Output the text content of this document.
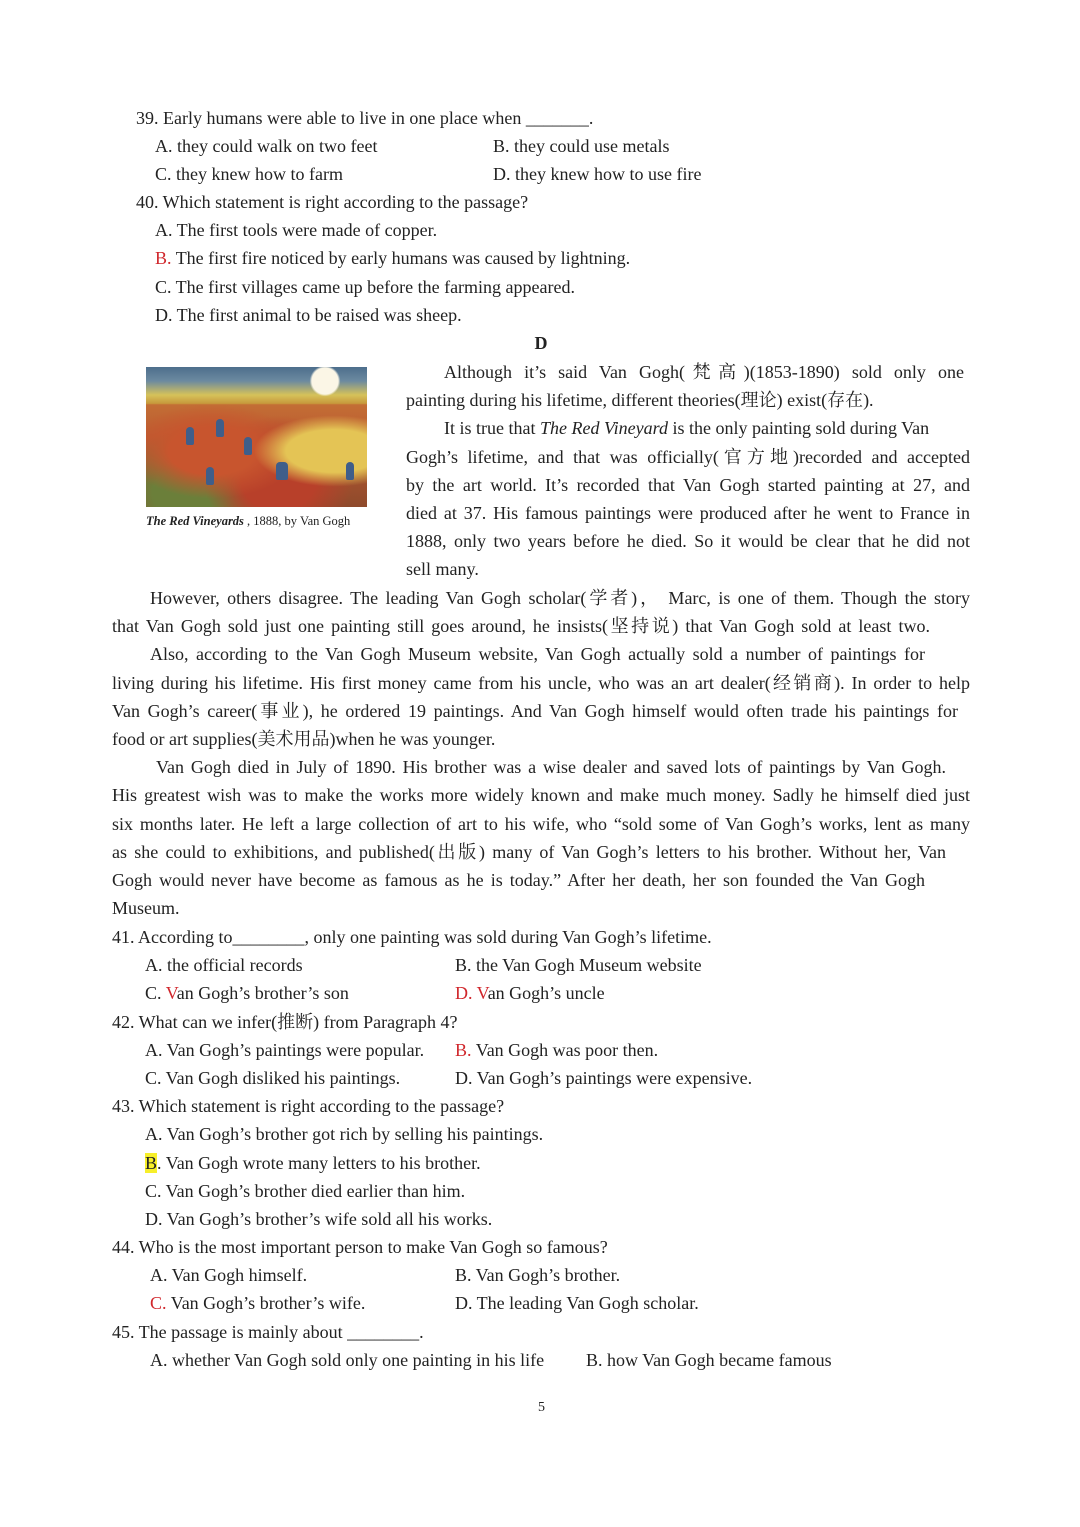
39. Early humans were able to live in one place when _______.
A. they could walk on two feet	B. they could use metals
C. they knew how to farm	D. they knew how to use fire
40. Which statement is right according to the passage?
A. The first tools were made of copper.
B. The first fire noticed by early humans was caused by lightning.
C. The first villages came up before the farming appeared.
D. The first animal to be raised was sheep.
D
The Red Vineyards , 1888, by Van Gogh
Although it’s said Van Gogh(梵高)(1853-1890) sold only one
painting during his lifetime, different theories(理论) exist(存在).
It is true that The Red Vineyard is the only painting sold during Van
Gogh’s lifetime, and that was officially(官方地)recorded and accepted
by the art world. It’s recorded that Van Gogh started painting at 27, and
died at 37. His famous paintings were produced after he went to France in
1888, only two years before he died. So it would be clear that he did not
sell many.
However, others disagree. The leading Van Gogh scholar(学者)， Marc, is one of them. Though the story
that Van Gogh sold just one painting still goes around, he insists(坚持说) that Van Gogh sold at least two.
Also, according to the Van Gogh Museum website, Van Gogh actually sold a number of paintings for
living during his lifetime. His first money came from his uncle, who was an art dealer(经销商). In order to help
Van Gogh’s career(事业), he ordered 19 paintings. And Van Gogh himself would often trade his paintings for
food or art supplies(美术用品)when he was younger.
Van Gogh died in July of 1890. His brother was a wise dealer and saved lots of paintings by Van Gogh.
His greatest wish was to make the works more widely known and make much money. Sadly he himself died just
six months later. He left a large collection of art to his wife, who “sold some of Van Gogh’s works, lent as many
as she could to exhibitions, and published(出版) many of Van Gogh’s letters to his brother. Without her, Van
Gogh would never have become as famous as he is today.” After her death, her son founded the Van Gogh
Museum.
41. According to________, only one painting was sold during Van Gogh’s lifetime.
A. the official records	B. the Van Gogh Museum website
C. Van Gogh’s brother’s son	D. Van Gogh’s uncle
42. What can we infer(推断) from Paragraph 4?
A. Van Gogh’s paintings were popular.	B. Van Gogh was poor then.
C. Van Gogh disliked his paintings.	D. Van Gogh’s paintings were expensive.
43. Which statement is right according to the passage?
A. Van Gogh’s brother got rich by selling his paintings.
B. Van Gogh wrote many letters to his brother.
C. Van Gogh’s brother died earlier than him.
D. Van Gogh’s brother’s wife sold all his works.
44. Who is the most important person to make Van Gogh so famous?
A. Van Gogh himself.	B. Van Gogh’s brother.
C. Van Gogh’s brother’s wife.	D. The leading Van Gogh scholar.
45. The passage is mainly about ________.
A. whether Van Gogh sold only one painting in his life	B. how Van Gogh became famous
5
